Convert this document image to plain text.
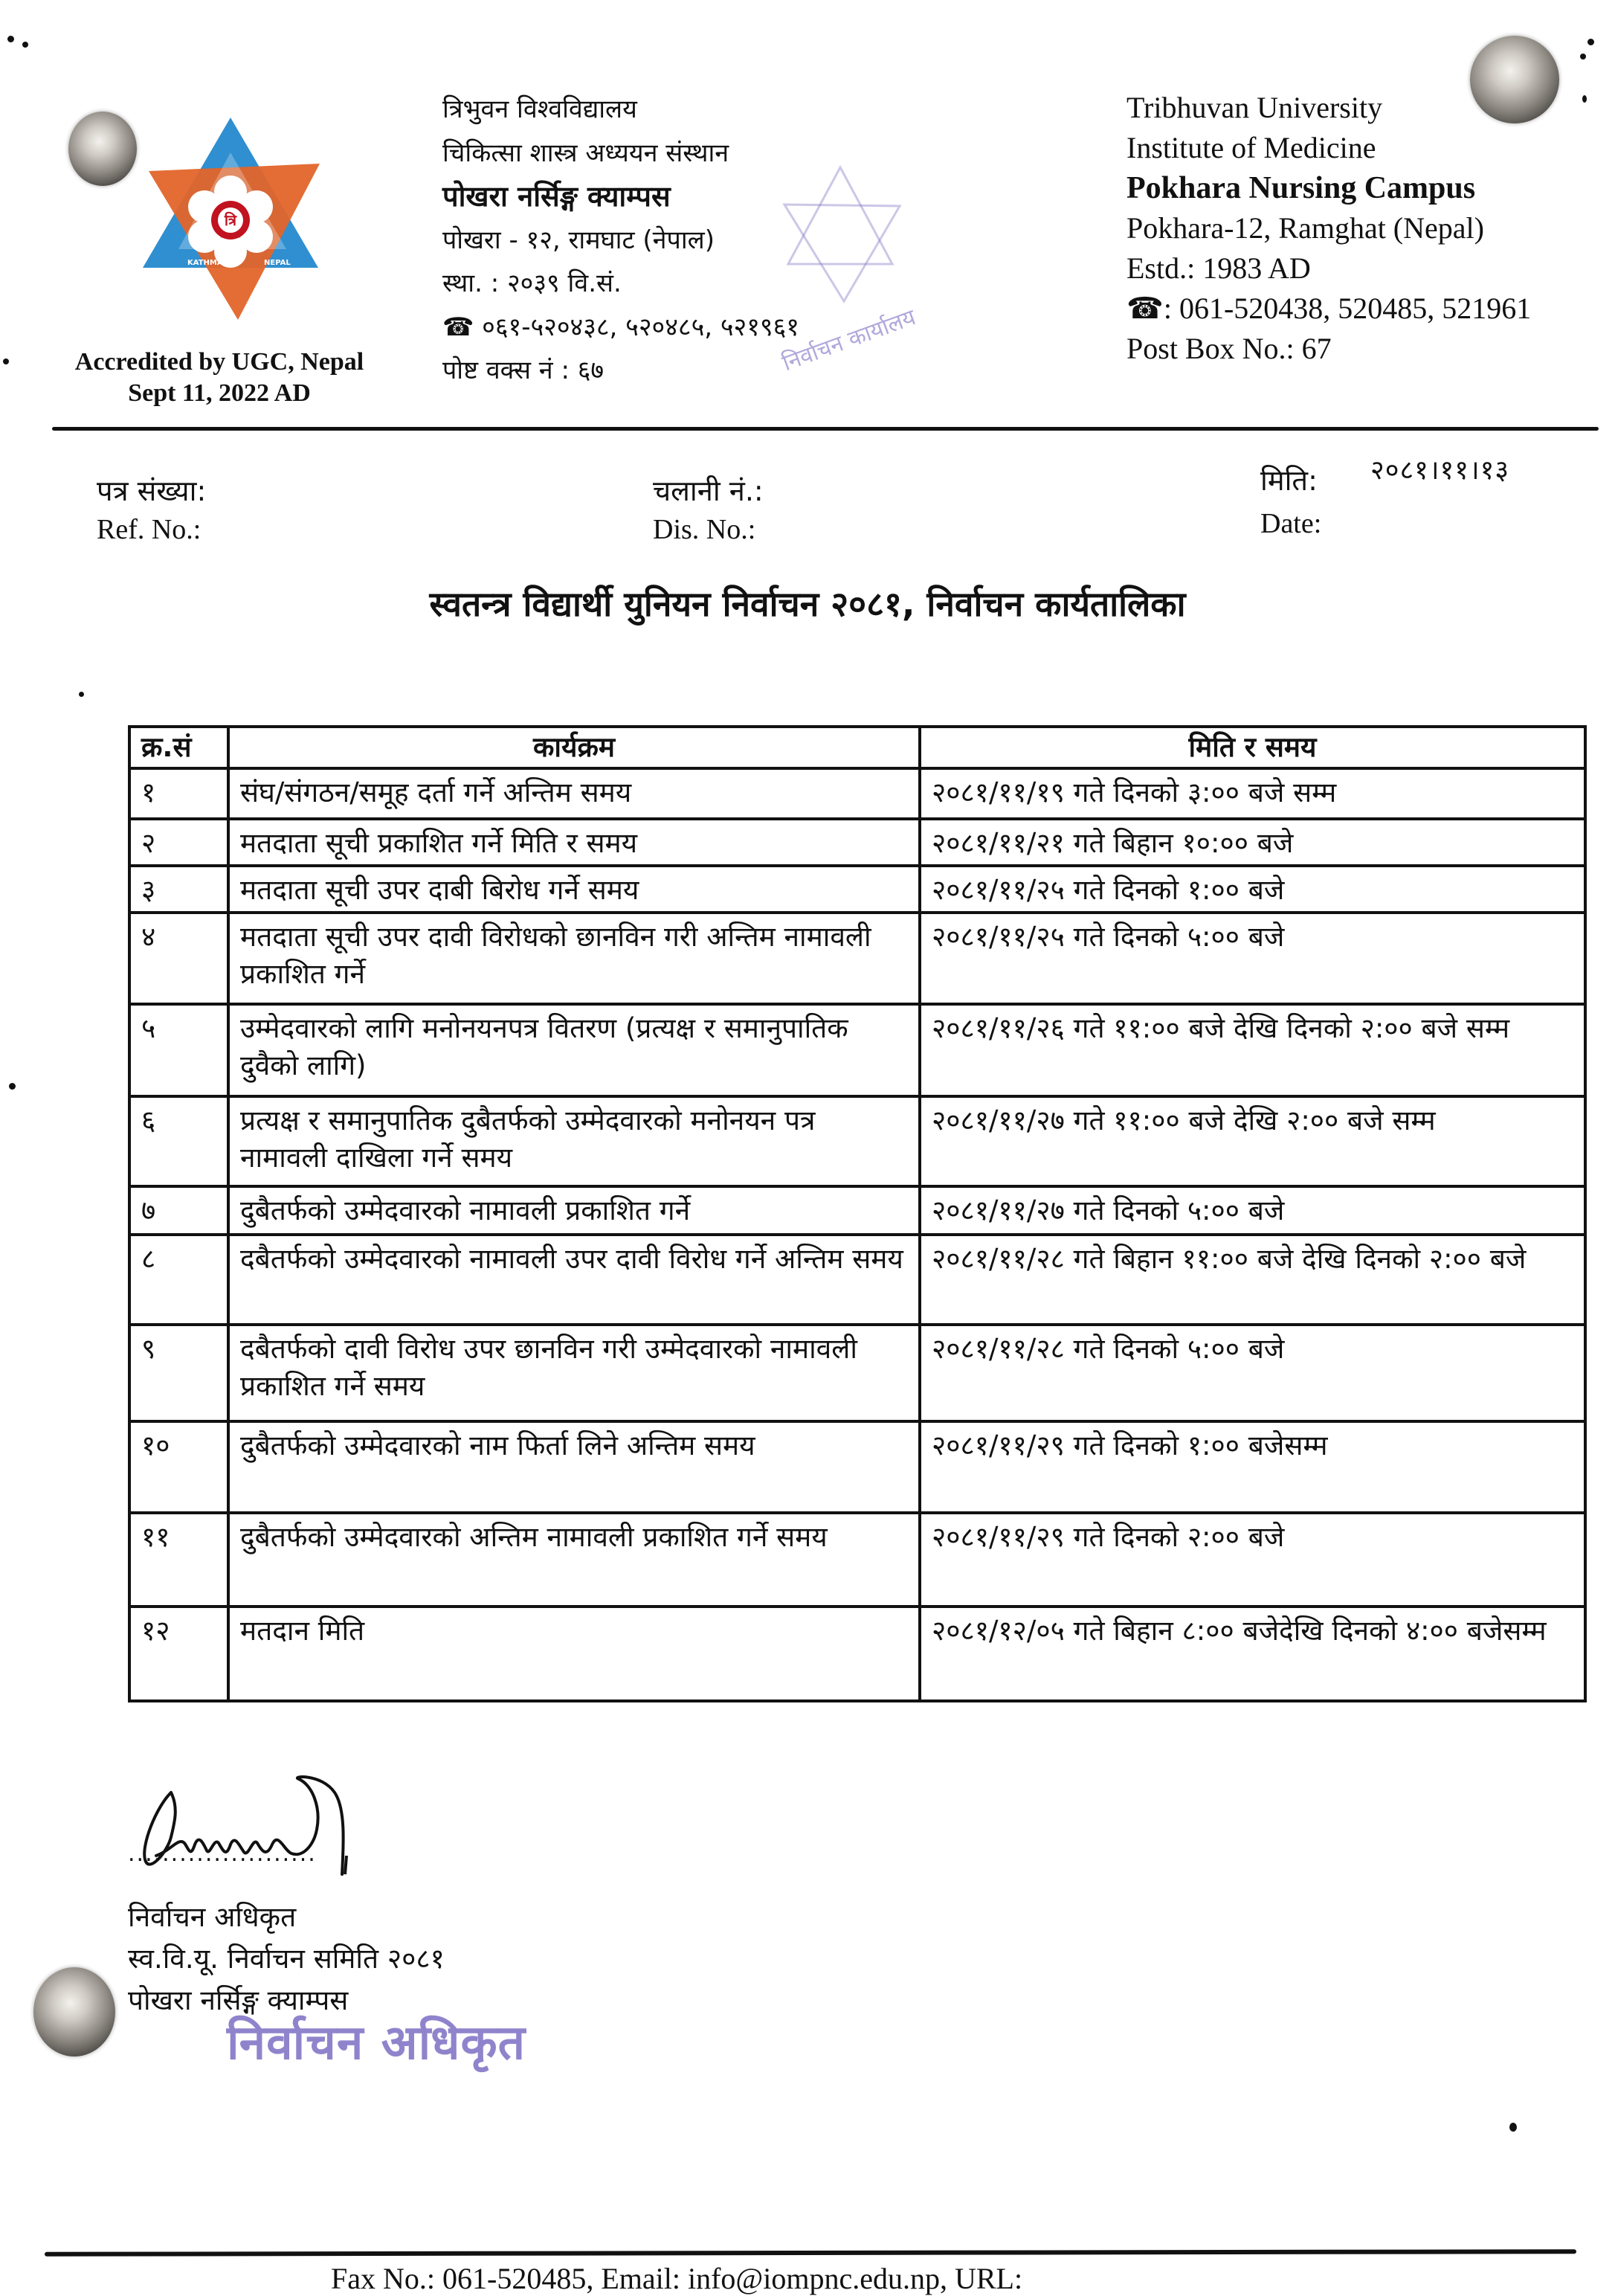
त्रि
KATHMANDU	NEPAL
Accredited by UGC, Nepal
Sept 11, 2022 AD
निर्वाचन कार्यालय
त्रिभुवन विश्वविद्यालय
चिकित्सा शास्त्र अध्ययन संस्थान
पोखरा नर्सिङ्ग क्याम्पस
पोखरा - १२, रामघाट (नेपाल)
स्था. : २०३९ वि.सं.
☎ ०६१-५२०४३८, ५२०४८५, ५२१९६१
पोष्ट वक्स नं : ६७
Tribhuvan University
Institute of Medicine
Pokhara Nursing Campus
Pokhara-12, Ramghat (Nepal)
Estd.: 1983 AD
☎: 061-520438, 520485, 521961
Post Box No.: 67
पत्र संख्या:
Ref. No.:
चलानी नं.:
Dis. No.:
मिति:
Date:
२०८१।११।१३
स्वतन्त्र विद्यार्थी युनियन निर्वाचन २०८१, निर्वाचन कार्यतालिका
क्र.सं	कार्यक्रम	मिति र समय
१	संघ/संगठन/समूह दर्ता गर्ने अन्तिम समय	२०८१/११/१९ गते दिनको ३:०० बजे सम्म
२	मतदाता सूची प्रकाशित गर्ने मिति र समय	२०८१/११/२१ गते बिहान १०:०० बजे
३	मतदाता सूची उपर दाबी बिरोध गर्ने समय	२०८१/११/२५ गते दिनको १:०० बजे
४	मतदाता सूची उपर दावी विरोधको छानविन गरी अन्तिम नामावली प्रकाशित गर्ने	२०८१/११/२५ गते दिनको ५:०० बजे
५	उम्मेदवारको लागि मनोनयनपत्र वितरण (प्रत्यक्ष र समानुपातिक दुवैको लागि)	२०८१/११/२६ गते ११:०० बजे देखि दिनको २:०० बजे सम्म
६	प्रत्यक्ष र समानुपातिक दुबैतर्फको उम्मेदवारको मनोनयन पत्र नामावली दाखिला गर्ने समय	२०८१/११/२७ गते ११:०० बजे देखि २:०० बजे सम्म
७	दुबैतर्फको उम्मेदवारको नामावली प्रकाशित गर्ने	२०८१/११/२७ गते दिनको ५:०० बजे
८	दबैतर्फको उम्मेदवारको नामावली उपर दावी विरोध गर्ने अन्तिम समय	२०८१/११/२८ गते बिहान ११:०० बजे देखि दिनको २:०० बजे
९	दबैतर्फको दावी विरोध उपर छानविन गरी उम्मेदवारको नामावली प्रकाशित गर्ने समय	२०८१/११/२८ गते दिनको ५:०० बजे
१०	दुबैतर्फको उम्मेदवारको नाम फिर्ता लिने अन्तिम समय	२०८१/११/२९ गते दिनको १:०० बजेसम्म
११	दुबैतर्फको उम्मेदवारको अन्तिम नामावली प्रकाशित गर्ने समय	२०८१/११/२९ गते दिनको २:०० बजे
१२	मतदान मिति	२०८१/१२/०५ गते बिहान ८:०० बजेदेखि दिनको ४:०० बजेसम्म
......................
निर्वाचन अधिकृत
स्व.वि.यू. निर्वाचन समिति २०८१
पोखरा नर्सिङ्ग क्याम्पस
निर्वाचन अधिकृत
Fax No.: 061-520485, Email: info@iompnc.edu.np, URL:
